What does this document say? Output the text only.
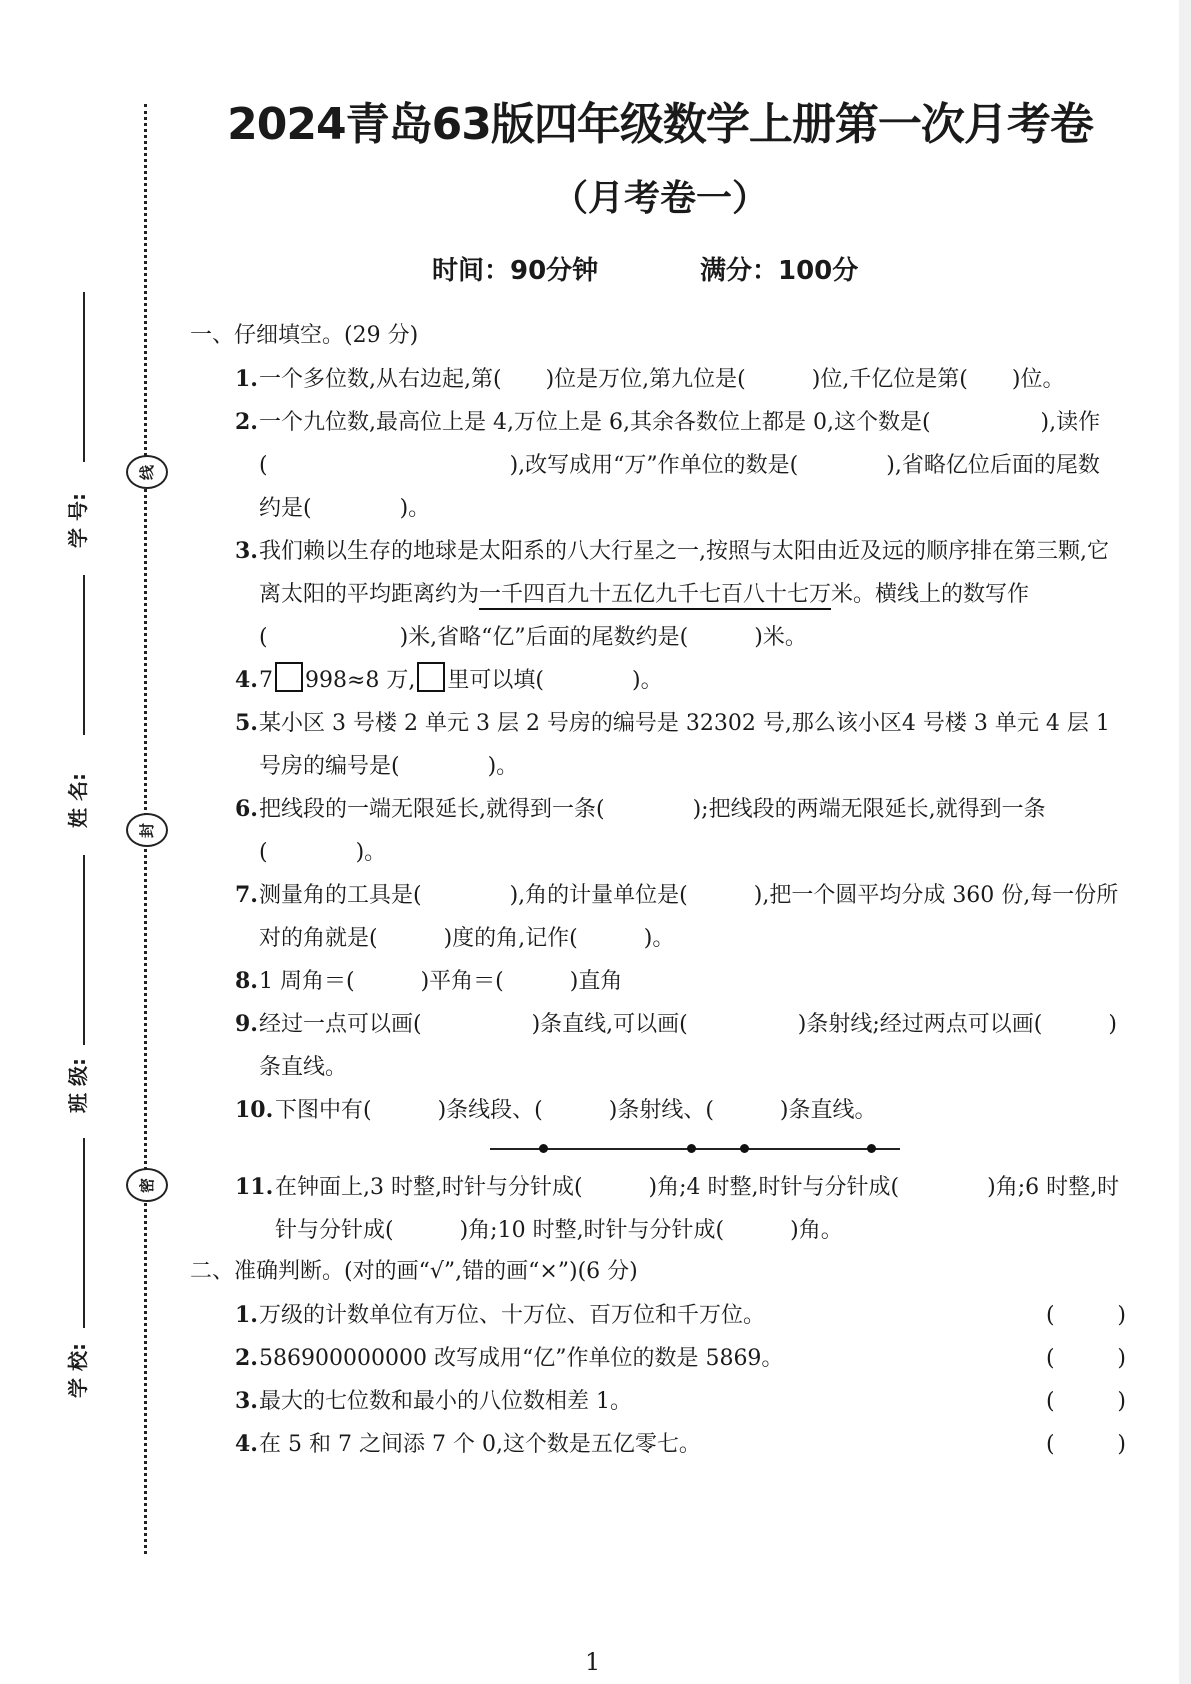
线
封
密
学 号:
姓 名:
班 级:
学 校:
2024青岛63版四年级数学上册第一次月考卷
（月考卷一）
时间：90分钟	满分：100分
一、仔细填空。(29 分)
1. 一个多位数,从右边起,第(　　)位是万位,第九位是(　　　)位,千亿位是第(　　)位。
2. 一个九位数,最高位上是 4,万位上是 6,其余各数位上都是 0,这个数是(　　　　　),读作(　　　　　　　　　　　),改写成用“万”作单位的数是(　　　　),省略亿位后面的尾数约是(　　　　)。
3. 我们赖以生存的地球是太阳系的八大行星之一,按照与太阳由近及远的顺序排在第三颗,它离太阳的平均距离约为一千四百九十五亿九千七百八十七万米。横线上的数写作(　　　　　　)米,省略“亿”后面的尾数约是(　　　)米。
4. 7 998≈8 万, 里可以填(　　　　)。
5. 某小区 3 号楼 2 单元 3 层 2 号房的编号是 32302 号,那么该小区4 号楼 3 单元 4 层 1 号房的编号是(　　　　)。
6. 把线段的一端无限延长,就得到一条(　　　　);把线段的两端无限延长,就得到一条(　　　　)。
7. 测量角的工具是(　　　　),角的计量单位是(　　　),把一个圆平均分成 360 份,每一份所对的角就是(　　　)度的角,记作(　　　)。
8. 1 周角＝(　　　)平角＝(　　　)直角
9. 经过一点可以画(　　　　　)条直线,可以画(　　　　　)条射线;经过两点可以画(　　　)条直线。
10. 下图中有(　　　)条线段、(　　　)条射线、(　　　)条直线。
11. 在钟面上,3 时整,时针与分针成(　　　)角;4 时整,时针与分针成(　　　　)角;6 时整,时针与分针成(　　　)角;10 时整,时针与分针成(　　　)角。
二、准确判断。(对的画“√”,错的画“×”)(6 分)
1. 万级的计数单位有万位、十万位、百万位和千万位。	(	)
2. 586900000000 改写成用“亿”作单位的数是 5869。	(	)
3. 最大的七位数和最小的八位数相差 1。	(	)
4. 在 5 和 7 之间添 7 个 0,这个数是五亿零七。	(	)
1
